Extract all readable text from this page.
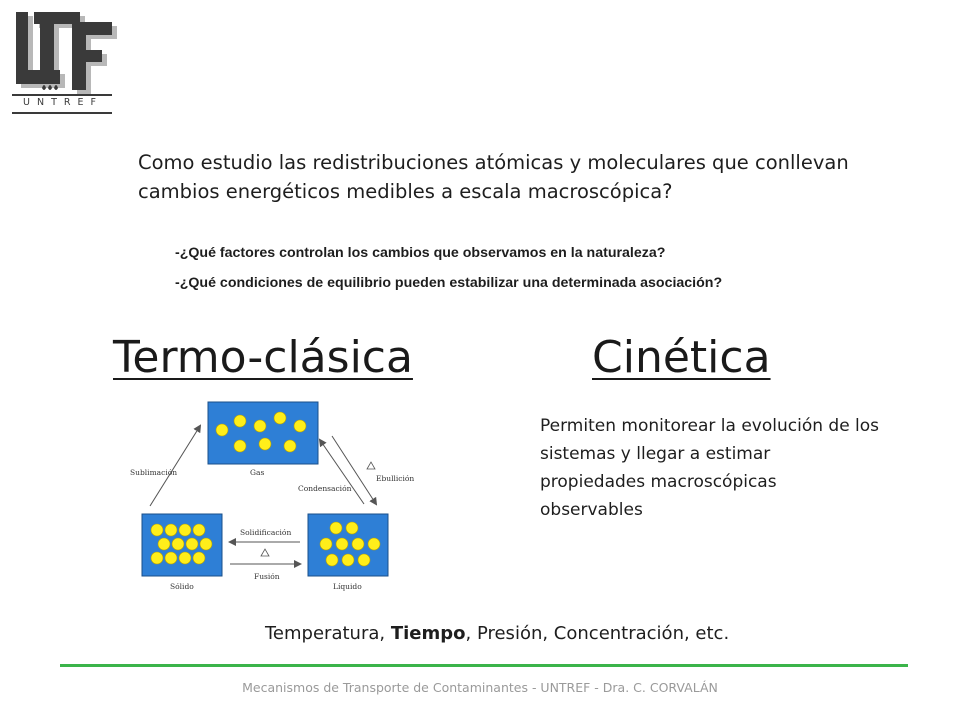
UNTREF
Como estudio las redistribuciones atómicas y moleculares que conllevan cambios energéticos medibles a escala macroscópica?
-¿Qué factores controlan los cambios que observamos en la naturaleza?
-¿Qué condiciones de equilibrio pueden estabilizar una determinada asociación?
Termo-clásica	Cinética
Gas
Sólido	Líquido
Sublimación
Ebullición
Condensación
Solidificación
Fusión
Permiten monitorear la evolución de los sistemas y llegar a estimar propiedades macroscópicas observables
Temperatura, Tiempo, Presión, Concentración, etc.
Mecanismos de Transporte de Contaminantes - UNTREF - Dra. C. CORVALÁN
